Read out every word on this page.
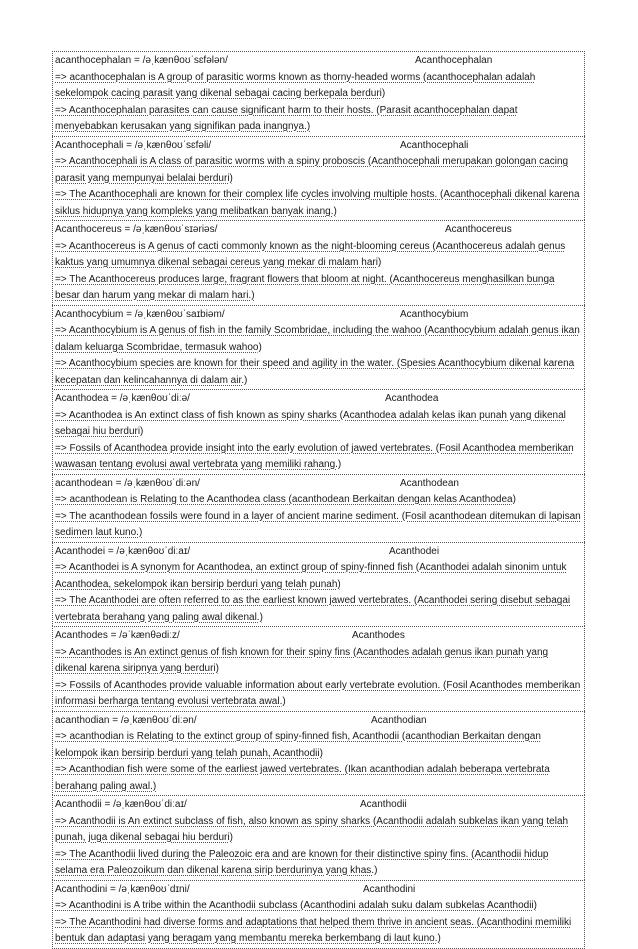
acanthocephalan = /əˌkænθoʊˈsɛfələn/	Acanthocephalan

=> acanthocephalan is A group of parasitic worms known as thorny-headed worms (acanthocephalan adalah sekelompok cacing parasit yang dikenal sebagai cacing berkepala berduri)

=> Acanthocephalan parasites can cause significant harm to their hosts. (Parasit acanthocephalan dapat menyebabkan kerusakan yang signifikan pada inangnya.)

Acanthocephali = /əˌkænθoʊˈsɛfəli/	Acanthocephali

=> Acanthocephali is A class of parasitic worms with a spiny proboscis (Acanthocephali merupakan golongan cacing parasit yang mempunyai belalai berduri)

=> The Acanthocephali are known for their complex life cycles involving multiple hosts. (Acanthocephali dikenal karena siklus hidupnya yang kompleks yang melibatkan banyak inang.)

Acanthocereus = /əˌkænθoʊˈsɪəriəs/	Acanthocereus

=> Acanthocereus is A genus of cacti commonly known as the night-blooming cereus (Acanthocereus adalah genus kaktus yang umumnya dikenal sebagai cereus yang mekar di malam hari)

=> The Acanthocereus produces large, fragrant flowers that bloom at night. (Acanthocereus menghasilkan bunga besar dan harum yang mekar di malam hari.)

Acanthocybium = /əˌkænθoʊˈsaɪbiəm/	Acanthocybium

=> Acanthocybium is A genus of fish in the family Scombridae, including the wahoo (Acanthocybium adalah genus ikan dalam keluarga Scombridae, termasuk wahoo)

=> Acanthocybium species are known for their speed and agility in the water. (Spesies Acanthocybium dikenal karena kecepatan dan kelincahannya di dalam air.)

Acanthodea = /əˌkænθoʊˈdiːə/	Acanthodea

=> Acanthodea is An extinct class of fish known as spiny sharks (Acanthodea adalah kelas ikan punah yang dikenal sebagai hiu berduri)

=> Fossils of Acanthodea provide insight into the early evolution of jawed vertebrates. (Fosil Acanthodea memberikan wawasan tentang evolusi awal vertebrata yang memiliki rahang.)

acanthodean = /əˌkænθoʊˈdiːən/	Acanthodean

=> acanthodean is Relating to the Acanthodea class (acanthodean Berkaitan dengan kelas Acanthodea)

=> The acanthodean fossils were found in a layer of ancient marine sediment. (Fosil acanthodean ditemukan di lapisan sedimen laut kuno.)

Acanthodei = /əˌkænθoʊˈdiːaɪ/	Acanthodei

=> Acanthodei is A synonym for Acanthodea, an extinct group of spiny-finned fish (Acanthodei adalah sinonim untuk Acanthodea, sekelompok ikan bersirip berduri yang telah punah)

=> The Acanthodei are often referred to as the earliest known jawed vertebrates. (Acanthodei sering disebut sebagai vertebrata berahang yang paling awal dikenal.)

Acanthodes = /əˈkænθədiːz/	Acanthodes

=> Acanthodes is An extinct genus of fish known for their spiny fins (Acanthodes adalah genus ikan punah yang dikenal karena siripnya yang berduri)

=> Fossils of Acanthodes provide valuable information about early vertebrate evolution. (Fosil Acanthodes memberikan informasi berharga tentang evolusi vertebrata awal.)

acanthodian = /əˌkænθoʊˈdiːən/	Acanthodian

=> acanthodian is Relating to the extinct group of spiny-finned fish, Acanthodii (acanthodian Berkaitan dengan kelompok ikan bersirip berduri yang telah punah, Acanthodii)

=> Acanthodian fish were some of the earliest jawed vertebrates. (Ikan acanthodian adalah beberapa vertebrata berahang paling awal.)

Acanthodii = /əˌkænθoʊˈdiːaɪ/	Acanthodii

=> Acanthodii is An extinct subclass of fish, also known as spiny sharks (Acanthodii adalah subkelas ikan yang telah punah, juga dikenal sebagai hiu berduri)

=> The Acanthodii lived during the Paleozoic era and are known for their distinctive spiny fins. (Acanthodii hidup selama era Paleozoikum dan dikenal karena sirip berdurinya yang khas.)

Acanthodini = /əˌkænθoʊˈdɪni/	Acanthodini

=> Acanthodini is A tribe within the Acanthodii subclass (Acanthodini adalah suku dalam subkelas Acanthodii)

=> The Acanthodini had diverse forms and adaptations that helped them thrive in ancient seas. (Acanthodini memiliki bentuk dan adaptasi yang beragam yang membantu mereka berkembang di laut kuno.)
